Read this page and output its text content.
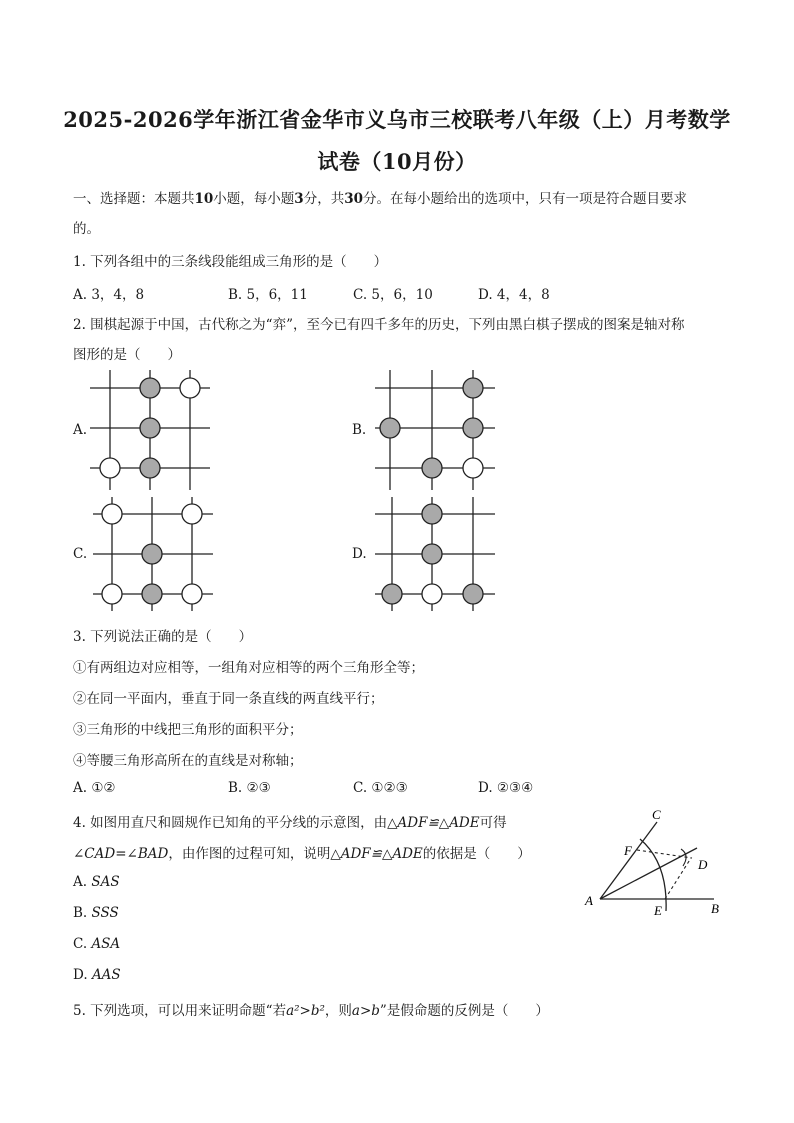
2025-2026学年浙江省金华市义乌市三校联考八年级（上）月考数学
试卷（10月份）
一、选择题：本题共10小题，每小题3分，共30分。在每小题给出的选项中，只有一项是符合题目要求
的。
1. 下列各组中的三条线段能组成三角形的是（　　）
A. 3，4，8	B. 5，6，11	C. 5，6，10	D. 4，4，8
2. 围棋起源于中国，古代称之为“弈”，至今已有四千多年的历史，下列由黑白棋子摆成的图案是轴对称
图形的是（　　）
A.	B.
C.	D.
3. 下列说法正确的是（　　）
①有两组边对应相等，一组角对应相等的两个三角形全等；
②在同一平面内，垂直于同一条直线的两直线平行；
③三角形的中线把三角形的面积平分；
④等腰三角形高所在的直线是对称轴；
A. ①②	B. ②③	C. ①②③	D. ②③④
4. 如图用直尺和圆规作已知角的平分线的示意图，由△ADF≌△ADE可得
∠CAD=∠BAD，由作图的过程可知，说明△ADF≌△ADE的依据是（　　）
A. SAS
B. SSS
C. ASA
D. AAS
C
F
D
A
E	B
5. 下列选项，可以用来证明命题“若a²>b²，则a>b”是假命题的反例是（　　）
